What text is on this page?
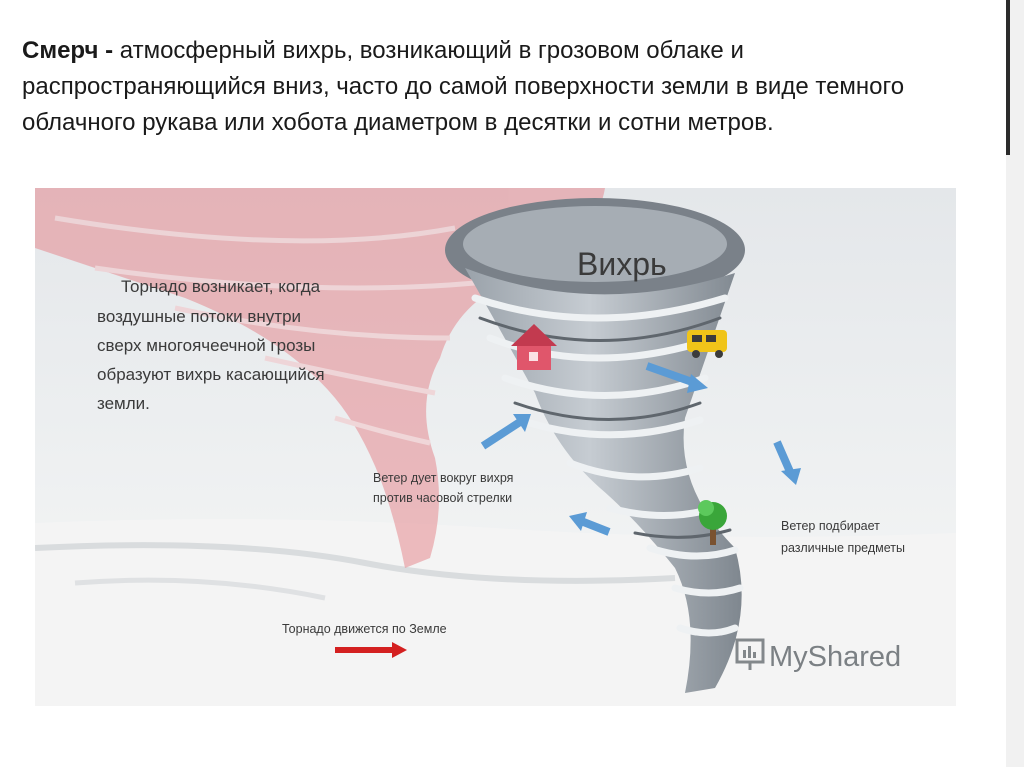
Смерч - атмосферный вихрь, возникающий в грозовом облаке и распространяющийся вниз, часто до самой поверхности земли в виде темного облачного рукава или хобота диаметром в десятки и сотни метров.
Вихрь
Торнадо возникает, когда воздушные потоки внутри сверх многоячеечной грозы образуют вихрь касающийся земли.
Ветер дует вокруг вихря против часовой стрелки
Ветер подбирает различные предметы
Торнадо движется по Земле
MyShared
